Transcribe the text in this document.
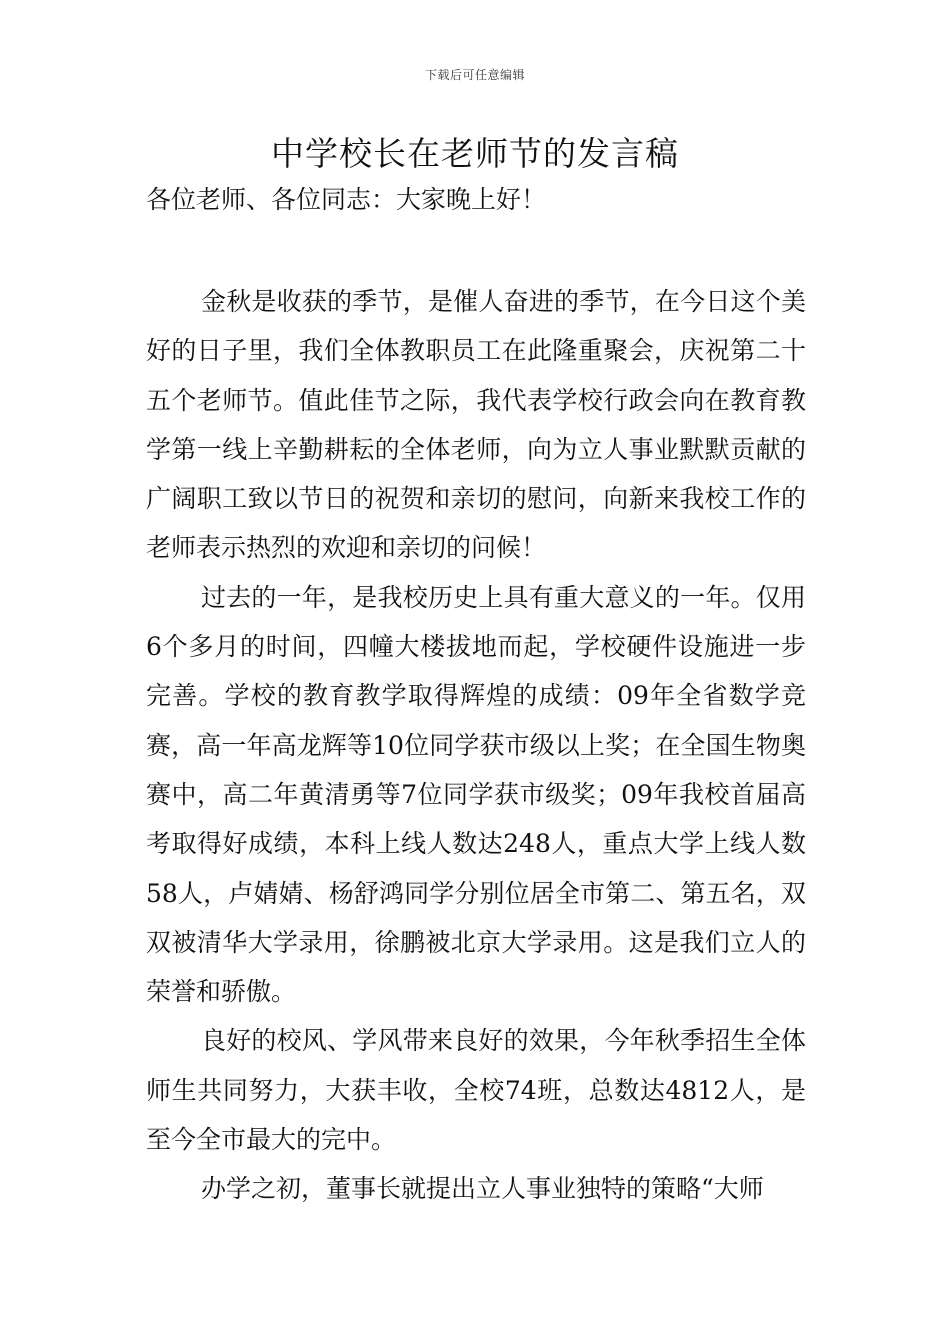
下载后可任意编辑
中学校长在老师节的发言稿

各位老师、各位同志：大家晚上好！

金秋是收获的季节，是催人奋进的季节，在今日这个美好的日子里，我们全体教职员工在此隆重聚会，庆祝第二十五个老师节。值此佳节之际，我代表学校行政会向在教育教学第一线上辛勤耕耘的全体老师，向为立人事业默默贡献的广阔职工致以节日的祝贺和亲切的慰问，向新来我校工作的老师表示热烈的欢迎和亲切的问候！

过去的一年，是我校历史上具有重大意义的一年。仅用6个多月的时间，四幢大楼拔地而起，学校硬件设施进一步完善。学校的教育教学取得辉煌的成绩：09年全省数学竞赛，高一年高龙辉等10位同学获市级以上奖；在全国生物奥赛中，高二年黄清勇等7位同学获市级奖；09年我校首届高考取得好成绩，本科上线人数达248人，重点大学上线人数58人，卢婧婧、杨舒鸿同学分别位居全市第二、第五名，双双被清华大学录用，徐鹏被北京大学录用。这是我们立人的荣誉和骄傲。

良好的校风、学风带来良好的效果，今年秋季招生全体师生共同努力，大获丰收，全校74班，总数达4812人，是至今全市最大的完中。

办学之初，董事长就提出立人事业独特的策略“大师
